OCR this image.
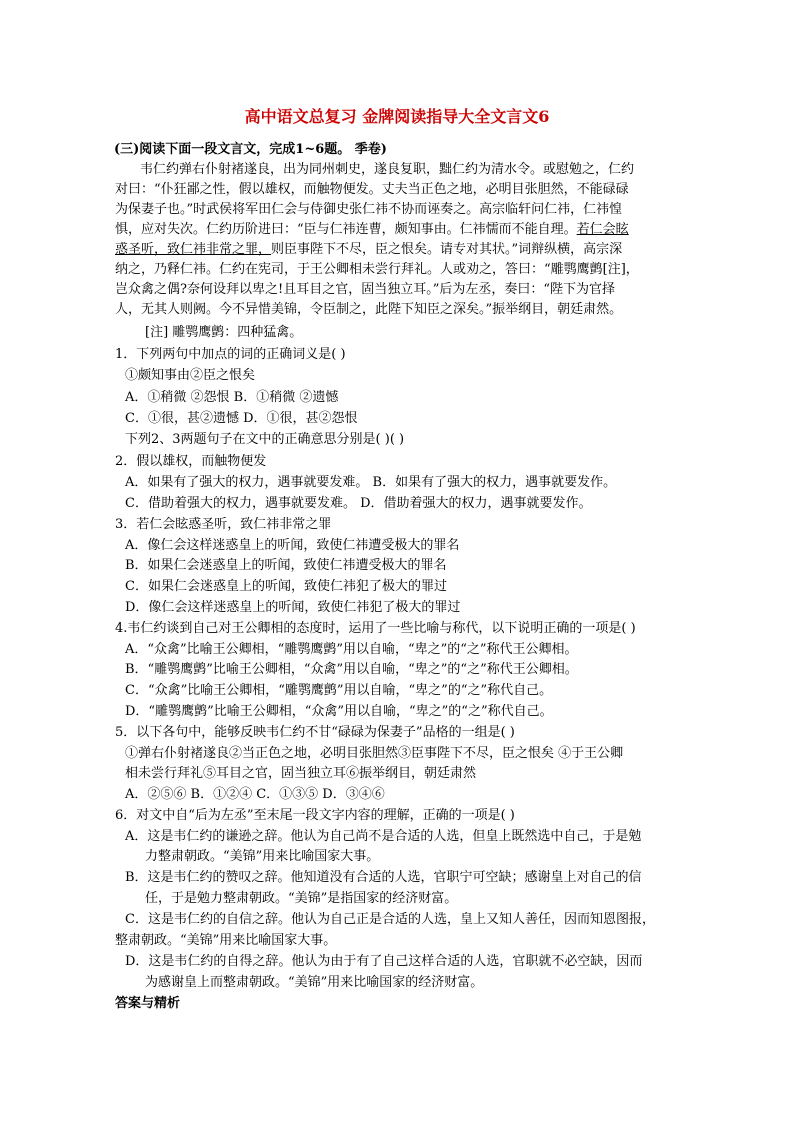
高中语文总复习 金牌阅读指导大全文言文6
(三)阅读下面一段文言文，完成1~6题。 季卷)
韦仁约弹右仆射褚遂良，出为同州刺史，遂良复职，黜仁约为清水令。或慰勉之，仁约
对曰：“仆狂鄙之性，假以雄权，而触物便发。丈夫当正色之地，必明目张胆然，不能碌碌
为保妻子也。”时武侯将军田仁会与侍御史张仁祎不协而诬奏之。高宗临轩问仁祎，仁祎惶
惧，应对失次。仁约历阶进曰：“臣与仁祎连曹，颇知事由。仁祎懦而不能自理。若仁会眩
惑圣听，致仁祎非常之罪，则臣事陛下不尽，臣之恨矣。请专对其状。”词辩纵横，高宗深
纳之，乃释仁祎。仁约在宪司，于王公卿相未尝行拜礼。人或劝之，答曰：“雕鹗鹰鹯[注]，
岂众禽之偶?奈何设拜以卑之!且耳目之官，固当独立耳。”后为左丞，奏曰：“陛下为官择
人，无其人则阙。今不异惜美锦，令臣制之，此陛下知臣之深矣。”振举纲目，朝廷肃然。
[注] 雕鹗鹰鹯：四种猛禽。
1．下列两句中加点的词的正确词义是( )
①颇知事由②臣之恨矣
A．①稍微 ②怨恨 B．①稍微 ②遗憾
C．①很，甚②遗憾 D．①很，甚②怨恨
下列2、3两题句子在文中的正确意思分别是( )( )
2．假以雄权，而触物便发
A．如果有了强大的权力，遇事就要发难。 B．如果有了强大的权力，遇事就要发作。
C．借助着强大的权力，遇事就要发难。 D．借助着强大的权力，遇事就要发作。
3．若仁会眩惑圣听，致仁祎非常之罪
A．像仁会这样迷惑皇上的听闻，致使仁祎遭受极大的罪名
B．如果仁会迷惑皇上的听闻，致使仁祎遭受极大的罪名
C．如果仁会迷惑皇上的听闻，致使仁祎犯了极大的罪过
D．像仁会这样迷惑皇上的听闻，致使仁祎犯了极大的罪过
4.韦仁约谈到自己对王公卿相的态度时，运用了一些比喻与称代，以下说明正确的一项是( )
A．“众禽”比喻王公卿相，“雕鹗鹰鹯”用以自喻，“卑之”的“之”称代王公卿相。
B．“雕鹗鹰鹯”比喻王公卿相，“众禽”用以自喻，“卑之”的“之”称代王公卿相。
C．“众禽”比喻王公卿相，“雕鹗鹰鹯”用以自喻，“卑之”的“之”称代自己。
D．“雕鹗鹰鹯”比喻王公卿相，“众禽”用以自喻，“卑之”的“之”称代自己。
5．以下各句中，能够反映韦仁约不甘“碌碌为保妻子”品格的一组是( )
①弹右仆射褚遂良②当正色之地，必明目张胆然③臣事陛下不尽，臣之恨矣 ④于王公卿
相未尝行拜礼⑤耳目之官，固当独立耳⑥振举纲目，朝廷肃然
A．②⑤⑥ B．①②④ C．①③⑤ D．③④⑥
6．对文中自“后为左丞”至末尾一段文字内容的理解，正确的一项是( )
A．这是韦仁约的谦逊之辞。他认为自己尚不是合适的人选，但皇上既然选中自己，于是勉
力整肃朝政。“美锦”用来比喻国家大事。
B．这是韦仁约的赞叹之辞。他知道没有合适的人选，官职宁可空缺；感谢皇上对自己的信
任，于是勉力整肃朝政。“美锦”是指国家的经济财富。
C．这是韦仁约的自信之辞。他认为自己正是合适的人选，皇上又知人善任，因而知恩图报，
整肃朝政。“美锦”用来比喻国家大事。
D．这是韦仁约的自得之辞。他认为由于有了自己这样合适的人选，官职就不必空缺，因而
为感谢皇上而整肃朝政。“美锦”用来比喻国家的经济财富。
答案与精析
